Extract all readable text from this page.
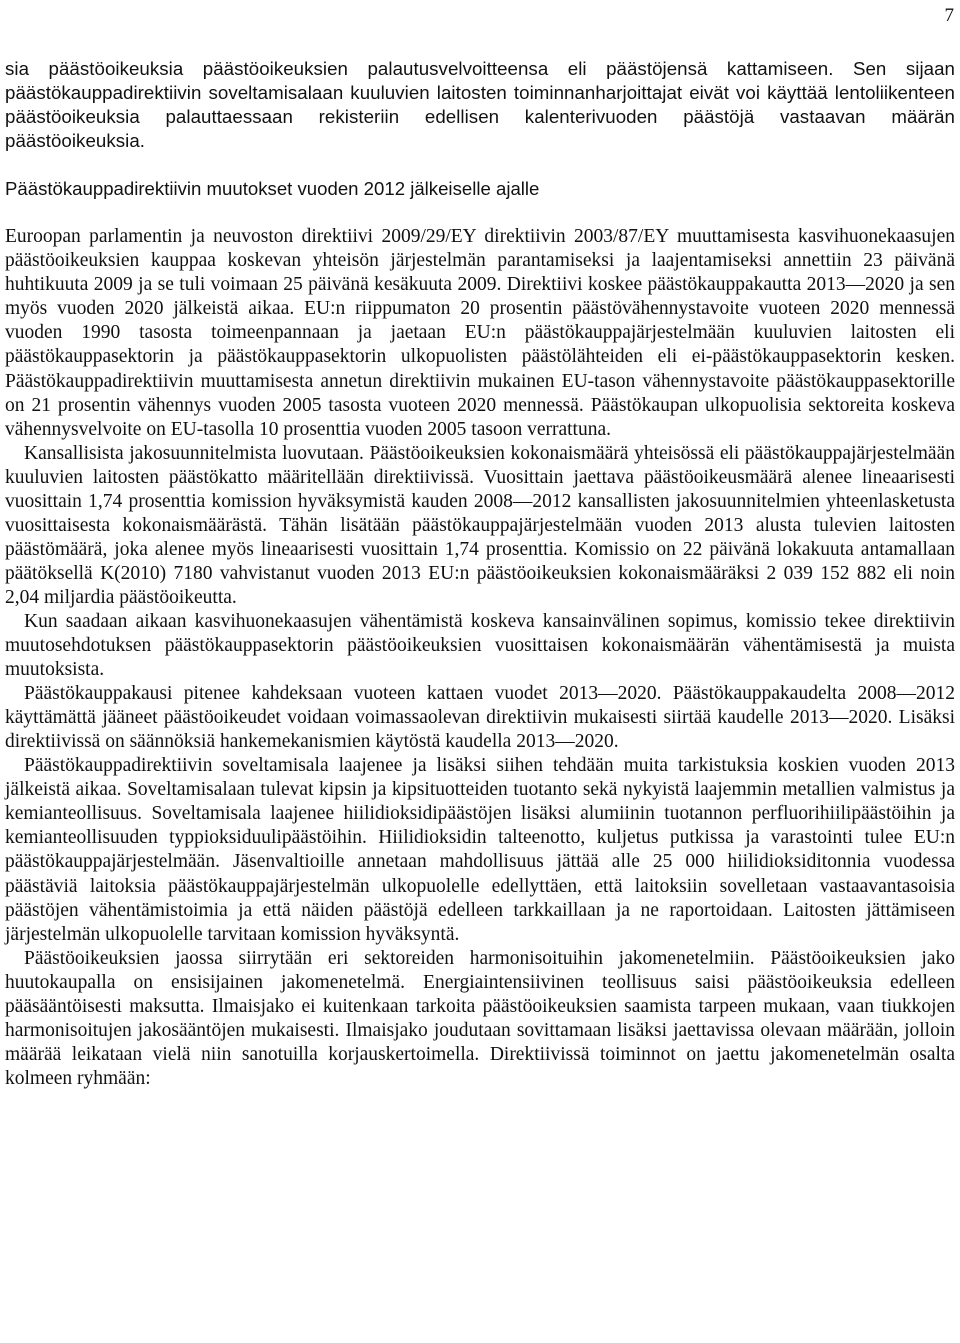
7

sia päästöoikeuksia päästöoikeuksien palautusvelvoitteensa eli päästöjensä kattamiseen. Sen sijaan päästökauppadirektiivin soveltamisalaan kuuluvien laitosten toiminnanharjoittajat eivät voi käyttää lentoliikenteen päästöoikeuksia palauttaessaan rekisteriin edellisen kalenterivuoden päästöjä vastaavan määrän päästöoikeuksia.

Päästökauppadirektiivin muutokset vuoden 2012 jälkeiselle ajalle

Euroopan parlamentin ja neuvoston direktiivi 2009/29/EY direktiivin 2003/87/EY muuttamisesta kasvihuonekaasujen päästöoikeuksien kauppaa koskevan yhteisön järjestelmän parantamiseksi ja laajentamiseksi annettiin 23 päivänä huhtikuuta 2009 ja se tuli voimaan 25 päivänä kesäkuuta 2009. Direktiivi koskee päästökauppakautta 2013—2020 ja sen myös vuoden 2020 jälkeistä aikaa. EU:n riippumaton 20 prosentin päästövähennystavoite vuoteen 2020 mennessä vuoden 1990 tasosta toimeenpannaan ja jaetaan EU:n päästökauppajärjestelmään kuuluvien laitosten eli päästökauppasektorin ja päästökauppasektorin ulkopuolisten päästölähteiden eli ei-päästökauppasektorin kesken. Päästökauppadirektiivin muuttamisesta annetun direktiivin mukainen EU-tason vähennystavoite päästökauppasektorille on 21 prosentin vähennys vuoden 2005 tasosta vuoteen 2020 mennessä. Päästökaupan ulkopuolisia sektoreita koskeva vähennysvelvoite on EU-tasolla 10 prosenttia vuoden 2005 tasoon verrattuna.

Kansallisista jakosuunnitelmista luovutaan. Päästöoikeuksien kokonaismäärä yhteisössä eli päästökauppajärjestelmään kuuluvien laitosten päästökatto määritellään direktiivissä. Vuosittain jaettava päästöoikeusmäärä alenee lineaarisesti vuosittain 1,74 prosenttia komission hyväksymistä kauden 2008—2012 kansallisten jakosuunnitelmien yhteenlasketusta vuosittaisesta kokonaismäärästä. Tähän lisätään päästökauppajärjestelmään vuoden 2013 alusta tulevien laitosten päästömäärä, joka alenee myös lineaarisesti vuosittain 1,74 prosenttia. Komissio on 22 päivänä lokakuuta antamallaan päätöksellä K(2010) 7180 vahvistanut vuoden 2013 EU:n päästöoikeuksien kokonaismääräksi 2 039 152 882 eli noin 2,04 miljardia päästöoikeutta.

Kun saadaan aikaan kasvihuonekaasujen vähentämistä koskeva kansainvälinen sopimus, komissio tekee direktiivin muutosehdotuksen päästökauppasektorin päästöoikeuksien vuosittaisen kokonaismäärän vähentämisestä ja muista muutoksista.

Päästökauppakausi pitenee kahdeksaan vuoteen kattaen vuodet 2013—2020. Päästökauppakaudelta 2008—2012 käyttämättä jääneet päästöoikeudet voidaan voimassaolevan direktiivin mukaisesti siirtää kaudelle 2013—2020. Lisäksi direktiivissä on säännöksiä hankemekanismien käytöstä kaudella 2013—2020.

Päästökauppadirektiivin soveltamisala laajenee ja lisäksi siihen tehdään muita tarkistuksia koskien vuoden 2013 jälkeistä aikaa. Soveltamisalaan tulevat kipsin ja kipsituotteiden tuotanto sekä nykyistä laajemmin metallien valmistus ja kemianteollisuus. Soveltamisala laajenee hiilidioksidipäästöjen lisäksi alumiinin tuotannon perfluorihiilipäästöihin ja kemianteollisuuden typpioksiduulipäästöihin. Hiilidioksidin talteenotto, kuljetus putkissa ja varastointi tulee EU:n päästökauppajärjestelmään. Jäsenvaltioille annetaan mahdollisuus jättää alle 25 000 hiilidioksiditonnia vuodessa päästäviä laitoksia päästökauppajärjestelmän ulkopuolelle edellyttäen, että laitoksiin sovelletaan vastaavantasoisia päästöjen vähentämistoimia ja että näiden päästöjä edelleen tarkkaillaan ja ne raportoidaan. Laitosten jättämiseen järjestelmän ulkopuolelle tarvitaan komission hyväksyntä.

Päästöoikeuksien jaossa siirrytään eri sektoreiden harmonisoituihin jakomenetelmiin. Päästöoikeuksien jako huutokaupalla on ensisijainen jakomenetelmä. Energiaintensiivinen teollisuus saisi päästöoikeuksia edelleen pääsääntöisesti maksutta. Ilmaisjako ei kuitenkaan tarkoita päästöoikeuksien saamista tarpeen mukaan, vaan tiukkojen harmonisoitujen jakosääntöjen mukaisesti. Ilmaisjako joudutaan sovittamaan lisäksi jaettavissa olevaan määrään, jolloin määrää leikataan vielä niin sanotuilla korjauskertoimella. Direktiivissä toiminnot on jaettu jakomenetelmän osalta kolmeen ryhmään:
